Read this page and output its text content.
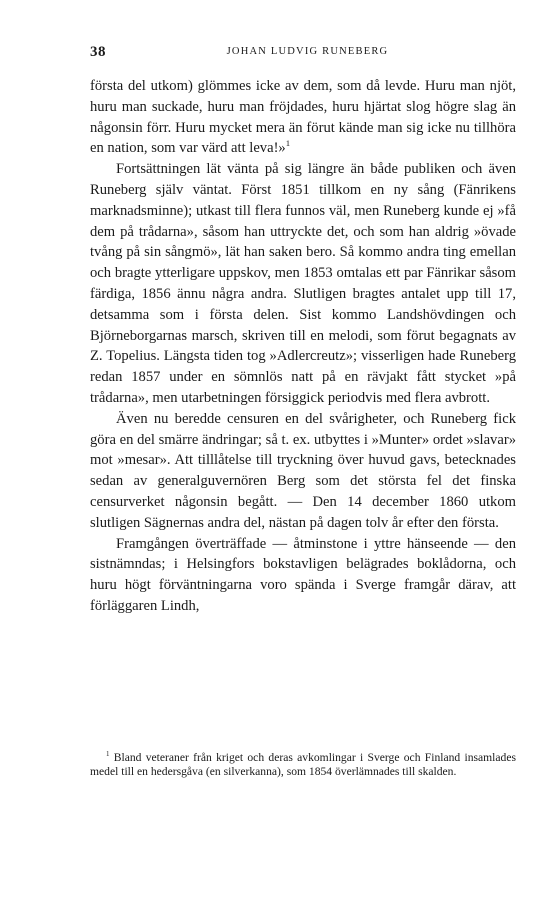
38	JOHAN LUDVIG RUNEBERG

första del utkom) glömmes icke av dem, som då levde. Huru man njöt, huru man suckade, huru man fröjdades, huru hjärtat slog högre slag än någonsin förr. Huru mycket mera än förut kände man sig icke nu tillhöra en nation, som var värd att leva!»$^1$

Fortsättningen lät vänta på sig längre än både publiken och även Runeberg själv väntat. Först 1851 tillkom en ny sång (Fänrikens marknadsminne); utkast till flera funnos väl, men Runeberg kunde ej »få dem på trådarna», såsom han uttryckte det, och som han aldrig »övade tvång på sin sångmö», lät han saken bero. Så kommo andra ting emellan och bragte ytterligare uppskov, men 1853 omtalas ett par Fänrikar såsom färdiga, 1856 ännu några andra. Slutligen bragtes antalet upp till 17, detsamma som i första delen. Sist kommo Landshövdingen och Björneborgarnas marsch, skriven till en melodi, som förut begagnats av Z. Topelius. Längsta tiden tog »Adlercreutz»; visserligen hade Runeberg redan 1857 under en sömnlös natt på en rävjakt fått stycket »på trådarna», men utarbetningen försiggick periodvis med flera avbrott.

Även nu beredde censuren en del svårigheter, och Runeberg fick göra en del smärre ändringar; så t. ex. utbyttes i »Munter» ordet »slavar» mot »mesar». Att tilllåtelse till tryckning över huvud gavs, betecknades sedan av generalguvernören Berg som det största fel det finska censurverket någonsin begått. — Den 14 december 1860 utkom slutligen Sägnernas andra del, nästan på dagen tolv år efter den första.

Framgången överträffade — åtminstone i yttre hänseende — den sistnämndas; i Helsingfors bokstavligen belägrades boklådorna, och huru högt förväntningarna voro spända i Sverge framgår därav, att förläggaren Lindh,

$^1$ Bland veteraner från kriget och deras avkomlingar i Sverge och Finland insamlades medel till en hedersgåva (en silverkanna), som 1854 överlämnades till skalden.
